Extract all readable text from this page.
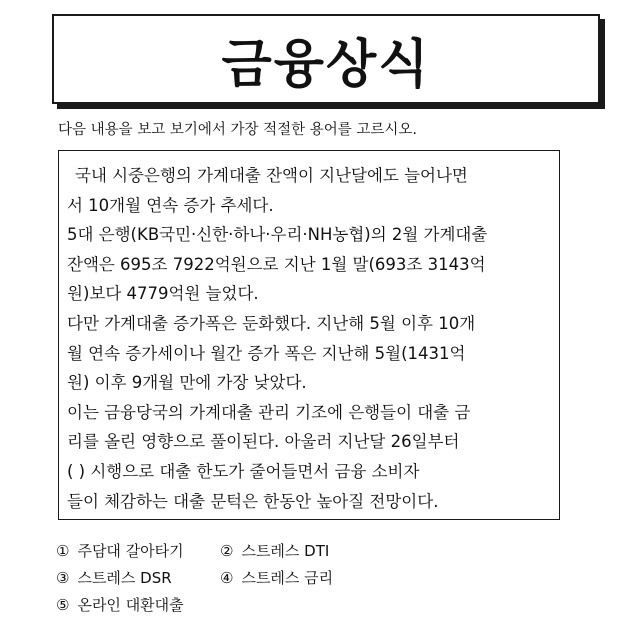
금융상식
다음 내용을 보고 보기에서 가장 적절한 용어를 고르시오.
국내 시중은행의 가계대출 잔액이 지난달에도 늘어나면
서 10개월 연속 증가 추세다.
5대 은행(KB국민·신한·하나·우리·NH농협)의 2월 가계대출
잔액은 695조 7922억원으로 지난 1월 말(693조 3143억
원)보다 4779억원 늘었다.
다만 가계대출 증가폭은 둔화했다. 지난해 5월 이후 10개
월 연속 증가세이나 월간 증가 폭은 지난해 5월(1431억
원) 이후 9개월 만에 가장 낮았다.
이는 금융당국의 가계대출 관리 기조에 은행들이 대출 금
리를 올린 영향으로 풀이된다. 아울러 지난달 26일부터
( ) 시행으로 대출 한도가 줄어들면서 금융 소비자
들이 체감하는 대출 문턱은 한동안 높아질 전망이다.
① 주담대 갈아타기	② 스트레스 DTI
③ 스트레스 DSR	④ 스트레스 금리
⑤ 온라인 대환대출
